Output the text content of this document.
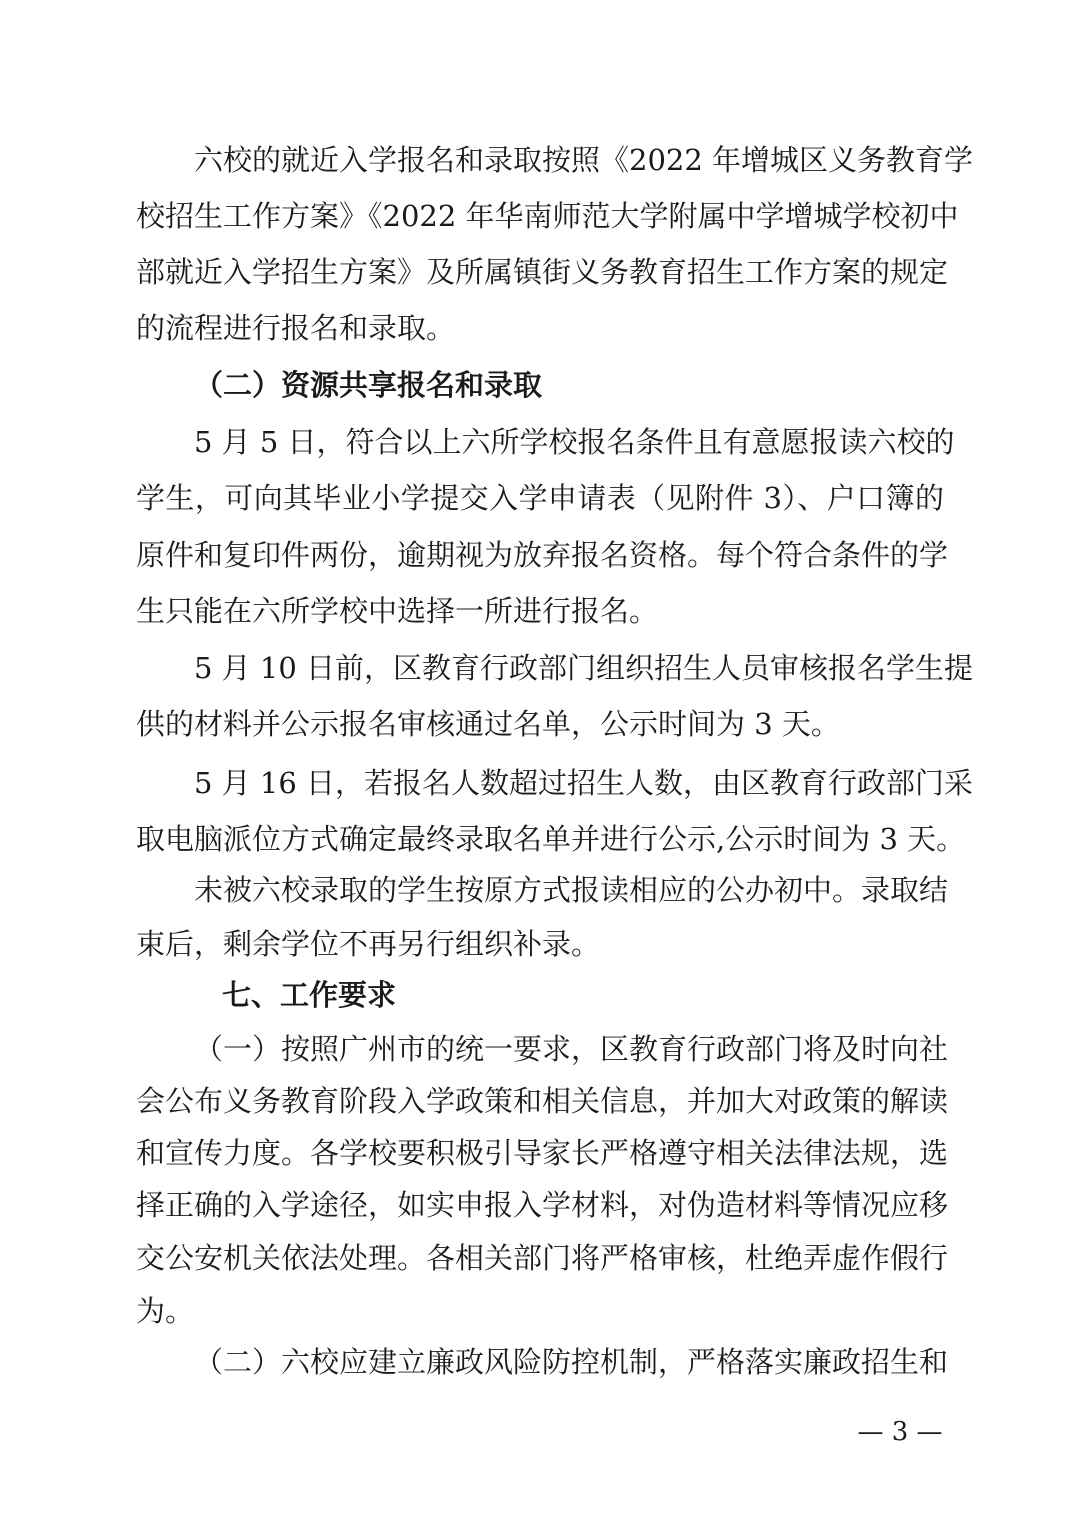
六校的就近入学报名和录取按照《2022 年增城区义务教育学
校招生工作方案》《2022 年华南师范大学附属中学增城学校初中
部就近入学招生方案》及所属镇街义务教育招生工作方案的规定
的流程进行报名和录取。
（二）资源共享报名和录取
5 月 5 日，符合以上六所学校报名条件且有意愿报读六校的
学生，可向其毕业小学提交入学申请表（见附件 3）、户口簿的
原件和复印件两份，逾期视为放弃报名资格。每个符合条件的学
生只能在六所学校中选择一所进行报名。
5 月 10 日前，区教育行政部门组织招生人员审核报名学生提
供的材料并公示报名审核通过名单，公示时间为 3 天。
5 月 16 日，若报名人数超过招生人数，由区教育行政部门采
取电脑派位方式确定最终录取名单并进行公示,公示时间为 3 天。
未被六校录取的学生按原方式报读相应的公办初中。录取结
束后，剩余学位不再另行组织补录。
七、工作要求
（一）按照广州市的统一要求，区教育行政部门将及时向社
会公布义务教育阶段入学政策和相关信息，并加大对政策的解读
和宣传力度。各学校要积极引导家长严格遵守相关法律法规，选
择正确的入学途径，如实申报入学材料，对伪造材料等情况应移
交公安机关依法处理。各相关部门将严格审核，杜绝弄虚作假行
为。
（二）六校应建立廉政风险防控机制，严格落实廉政招生和
— 3 —
